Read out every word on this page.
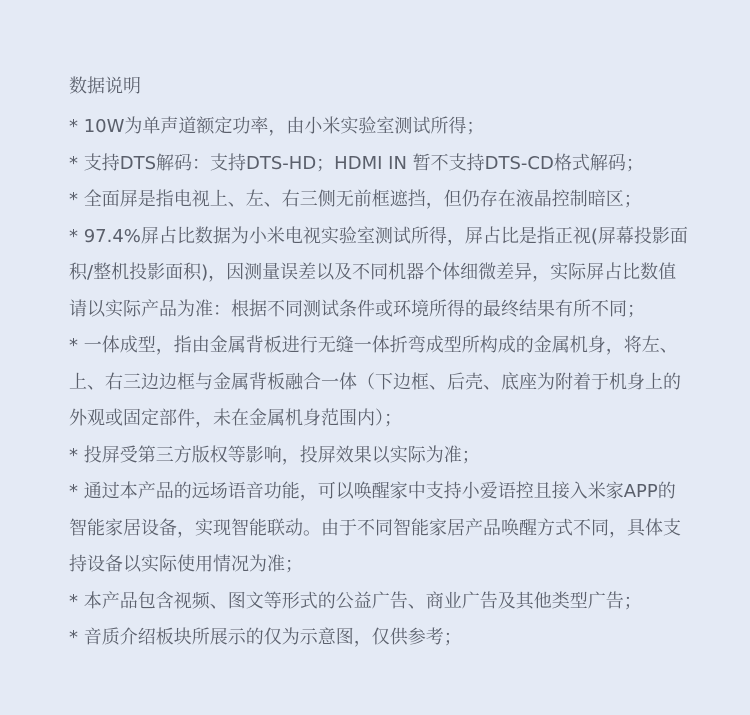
数据说明
* 10W为单声道额定功率，由小米实验室测试所得；
* 支持DTS解码：支持DTS-HD；HDMI IN 暂不支持DTS-CD格式解码；
* 全面屏是指电视上、左、右三侧无前框遮挡，但仍存在液晶控制暗区；
* 97.4%屏占比数据为小米电视实验室测试所得，屏占比是指正视(屏幕投影面积/整机投影面积)，因测量误差以及不同机器个体细微差异，实际屏占比数值请以实际产品为准：根据不同测试条件或环境所得的最终结果有所不同；
* 一体成型，指由金属背板进行无缝一体折弯成型所构成的金属机身，将左、上、右三边边框与金属背板融合一体（下边框、后壳、底座为附着于机身上的外观或固定部件，未在金属机身范围内）；
* 投屏受第三方版权等影响，投屏效果以实际为准；
* 通过本产品的远场语音功能，可以唤醒家中支持小爱语控且接入米家APP的智能家居设备，实现智能联动。由于不同智能家居产品唤醒方式不同，具体支持设备以实际使用情况为准；
* 本产品包含视频、图文等形式的公益广告、商业广告及其他类型广告；
* 音质介绍板块所展示的仅为示意图，仅供参考；
